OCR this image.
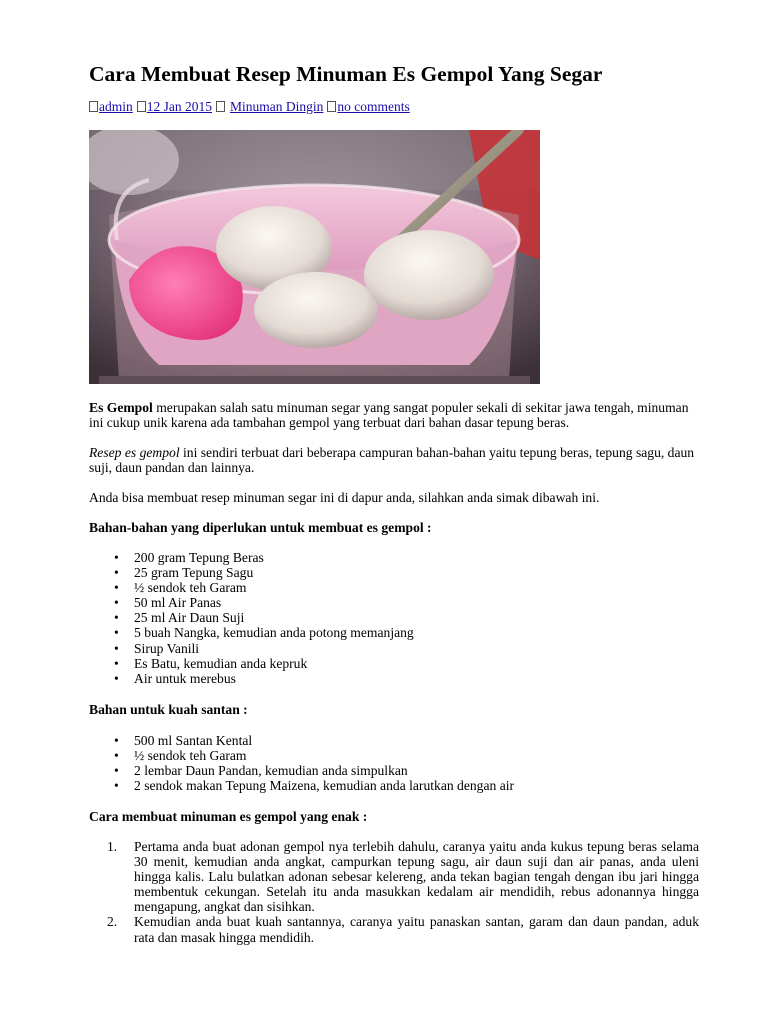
Cara Membuat Resep Minuman Es Gempol Yang Segar
admin 12 Jan 2015 Minuman Dingin no comments

Es Gempol merupakan salah satu minuman segar yang sangat populer sekali di sekitar jawa tengah, minuman ini cukup unik karena ada tambahan gempol yang terbuat dari bahan dasar tepung beras.

Resep es gempol ini sendiri terbuat dari beberapa campuran bahan-bahan yaitu tepung beras, tepung sagu, daun suji, daun pandan dan lainnya.

Anda bisa membuat resep minuman segar ini di dapur anda, silahkan anda simak dibawah ini.

Bahan-bahan yang diperlukan untuk membuat es gempol :

• 200 gram Tepung Beras
• 25 gram Tepung Sagu
• ½ sendok teh Garam
• 50 ml Air Panas
• 25 ml Air Daun Suji
• 5 buah Nangka, kemudian anda potong memanjang
• Sirup Vanili
• Es Batu, kemudian anda kepruk
• Air untuk merebus

Bahan untuk kuah santan :

• 500 ml Santan Kental
• ½ sendok teh Garam
• 2 lembar Daun Pandan, kemudian anda simpulkan
• 2 sendok makan Tepung Maizena, kemudian anda larutkan dengan air

Cara membuat minuman es gempol yang enak :

1. Pertama anda buat adonan gempol nya terlebih dahulu, caranya yaitu anda kukus tepung beras selama 30 menit, kemudian anda angkat, campurkan tepung sagu, air daun suji dan air panas, anda uleni hingga kalis. Lalu bulatkan adonan sebesar kelereng, anda tekan bagian tengah dengan ibu jari hingga membentuk cekungan. Setelah itu anda masukkan kedalam air mendidih, rebus adonannya hingga mengapung, angkat dan sisihkan.
2. Kemudian anda buat kuah santannya, caranya yaitu panaskan santan, garam dan daun pandan, aduk rata dan masak hingga mendidih.
